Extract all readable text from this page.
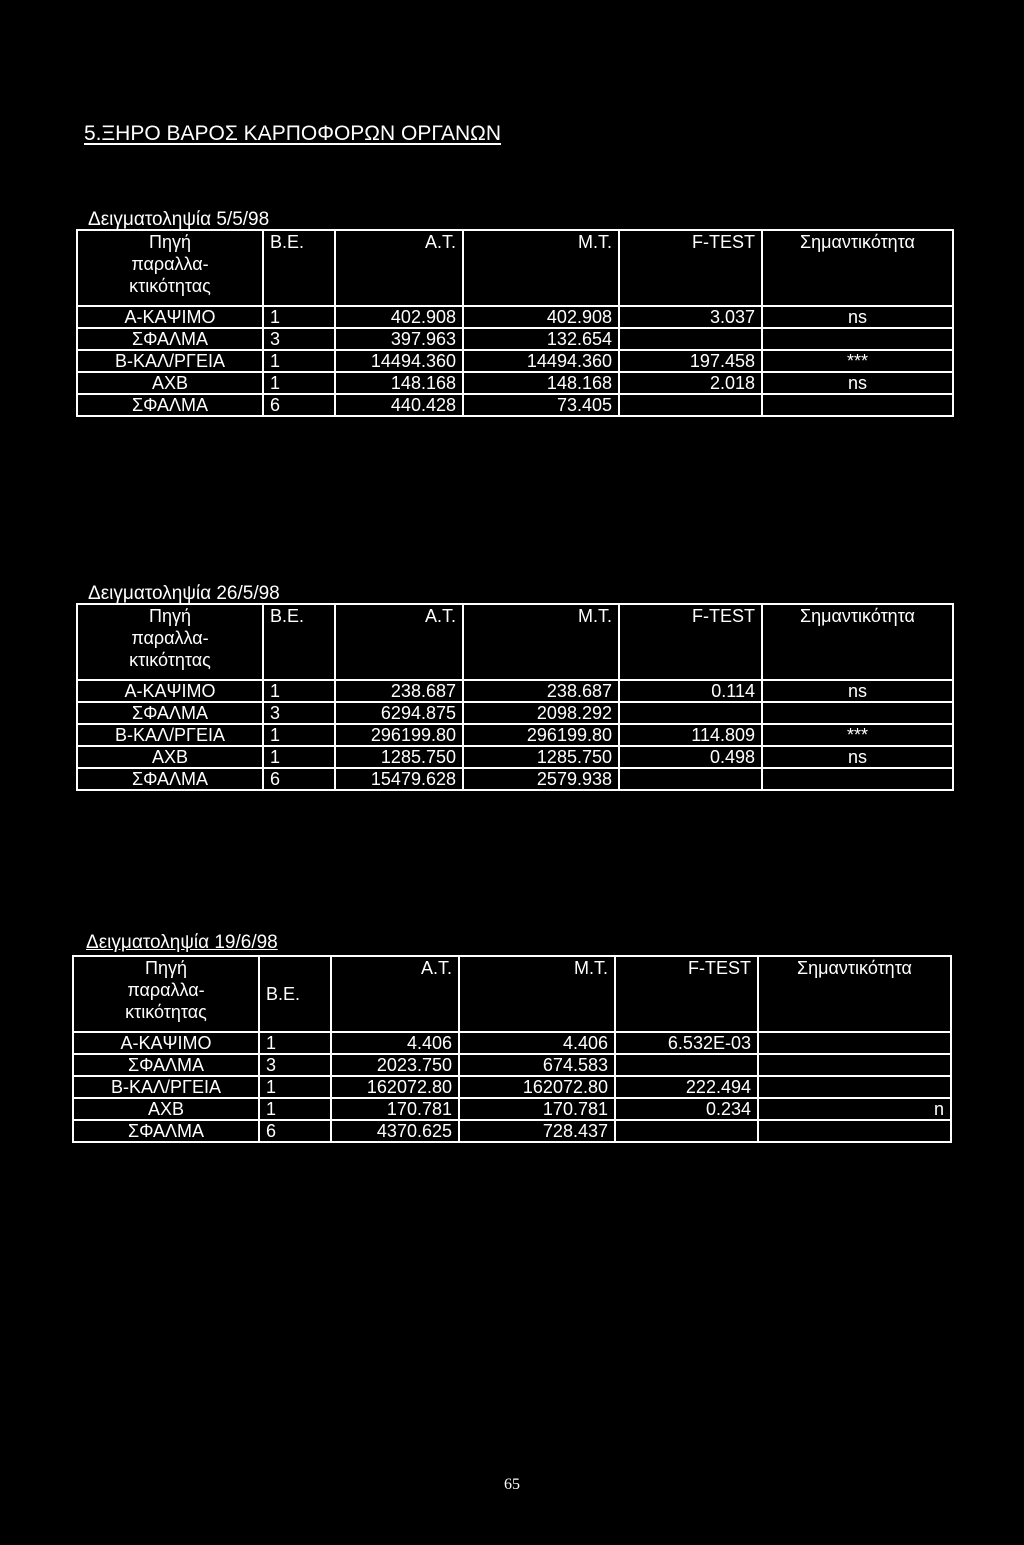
5.ΞΗΡΟ ΒΑΡΟΣ ΚΑΡΠΟΦΟΡΩΝ ΟΡΓΑΝΩΝ
Δειγματοληψία 5/5/98
Πηγή
παραλλα-
κτικότητας	Β.Ε.	Α.Τ.	Μ.Τ.	F-TEST	Σημαντικότητα
Α-ΚΑΨΙΜΟ	1	402.908	402.908	3.037	ns
ΣΦΑΛΜΑ	3	397.963	132.654		
Β-ΚΑΛ/ΡΓΕΙΑ	1	14494.360	14494.360	197.458	***
ΑΧΒ	1	148.168	148.168	2.018	ns
ΣΦΑΛΜΑ	6	440.428	73.405		
Δειγματοληψία 26/5/98
Πηγή
παραλλα-
κτικότητας	Β.Ε.	Α.Τ.	Μ.Τ.	F-TEST	Σημαντικότητα
Α-ΚΑΨΙΜΟ	1	238.687	238.687	0.114	ns
ΣΦΑΛΜΑ	3	6294.875	2098.292		
Β-ΚΑΛ/ΡΓΕΙΑ	1	296199.80	296199.80	114.809	***
ΑΧΒ	1	1285.750	1285.750	0.498	ns
ΣΦΑΛΜΑ	6	15479.628	2579.938		
Δειγματοληψία 19/6/98
Πηγή
παραλλα-
κτικότητας	Β.Ε.	Α.Τ.	Μ.Τ.	F-TEST	Σημαντικότητα
Α-ΚΑΨΙΜΟ	1	4.406	4.406	6.532E-03	
ΣΦΑΛΜΑ	3	2023.750	674.583		
Β-ΚΑΛ/ΡΓΕΙΑ	1	162072.80	162072.80	222.494	
ΑΧΒ	1	170.781	170.781	0.234	n
ΣΦΑΛΜΑ	6	4370.625	728.437		
65
